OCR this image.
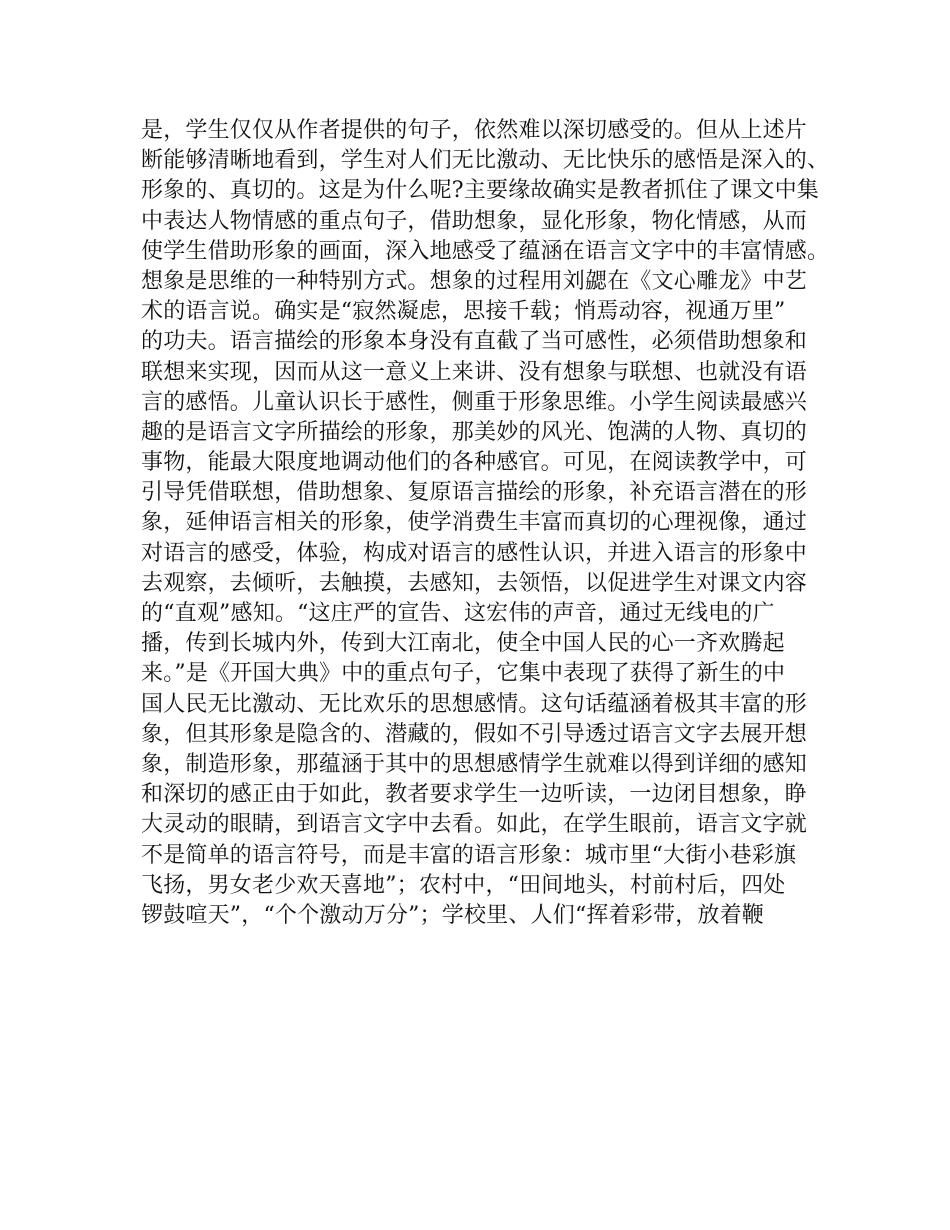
是，学生仅仅从作者提供的句子，依然难以深切感受的。但从上述片

断能够清晰地看到，学生对人们无比激动、无比快乐的感悟是深入的、

形象的、真切的。这是为什么呢?主要缘故确实是教者抓住了课文中集

中表达人物情感的重点句子，借助想象，显化形象，物化情感，从而

使学生借助形象的画面，深入地感受了蕴涵在语言文字中的丰富情感。

想象是思维的一种特别方式。想象的过程用刘勰在《文心雕龙》中艺

术的语言说。确实是“寂然凝虑，思接千载；悄焉动容，视通万里”

的功夫。语言描绘的形象本身没有直截了当可感性，必须借助想象和

联想来实现，因而从这一意义上来讲、没有想象与联想、也就没有语

言的感悟。儿童认识长于感性，侧重于形象思维。小学生阅读最感兴

趣的是语言文字所描绘的形象，那美妙的风光、饱满的人物、真切的

事物，能最大限度地调动他们的各种感官。可见，在阅读教学中，可

引导凭借联想，借助想象、复原语言描绘的形象，补充语言潜在的形

象，延伸语言相关的形象，使学消费生丰富而真切的心理视像，通过

对语言的感受，体验，构成对语言的感性认识，并进入语言的形象中

去观察，去倾听，去触摸，去感知，去领悟，以促进学生对课文内容

的“直观”感知。“这庄严的宣告、这宏伟的声音，通过无线电的广

播，传到长城内外，传到大江南北，使全中国人民的心一齐欢腾起

来。”是《开国大典》中的重点句子，它集中表现了获得了新生的中

国人民无比激动、无比欢乐的思想感情。这句话蕴涵着极其丰富的形

象，但其形象是隐含的、潜藏的，假如不引导透过语言文字去展开想

象，制造形象，那蕴涵于其中的思想感情学生就难以得到详细的感知

和深切的感正由于如此，教者要求学生一边听读，一边闭目想象，睁

大灵动的眼睛，到语言文字中去看。如此，在学生眼前，语言文字就

不是简单的语言符号，而是丰富的语言形象：城市里“大街小巷彩旗

飞扬，男女老少欢天喜地”；农村中，“田间地头，村前村后，四处

锣鼓喧天”，“个个激动万分”；学校里、人们“挥着彩带，放着鞭
